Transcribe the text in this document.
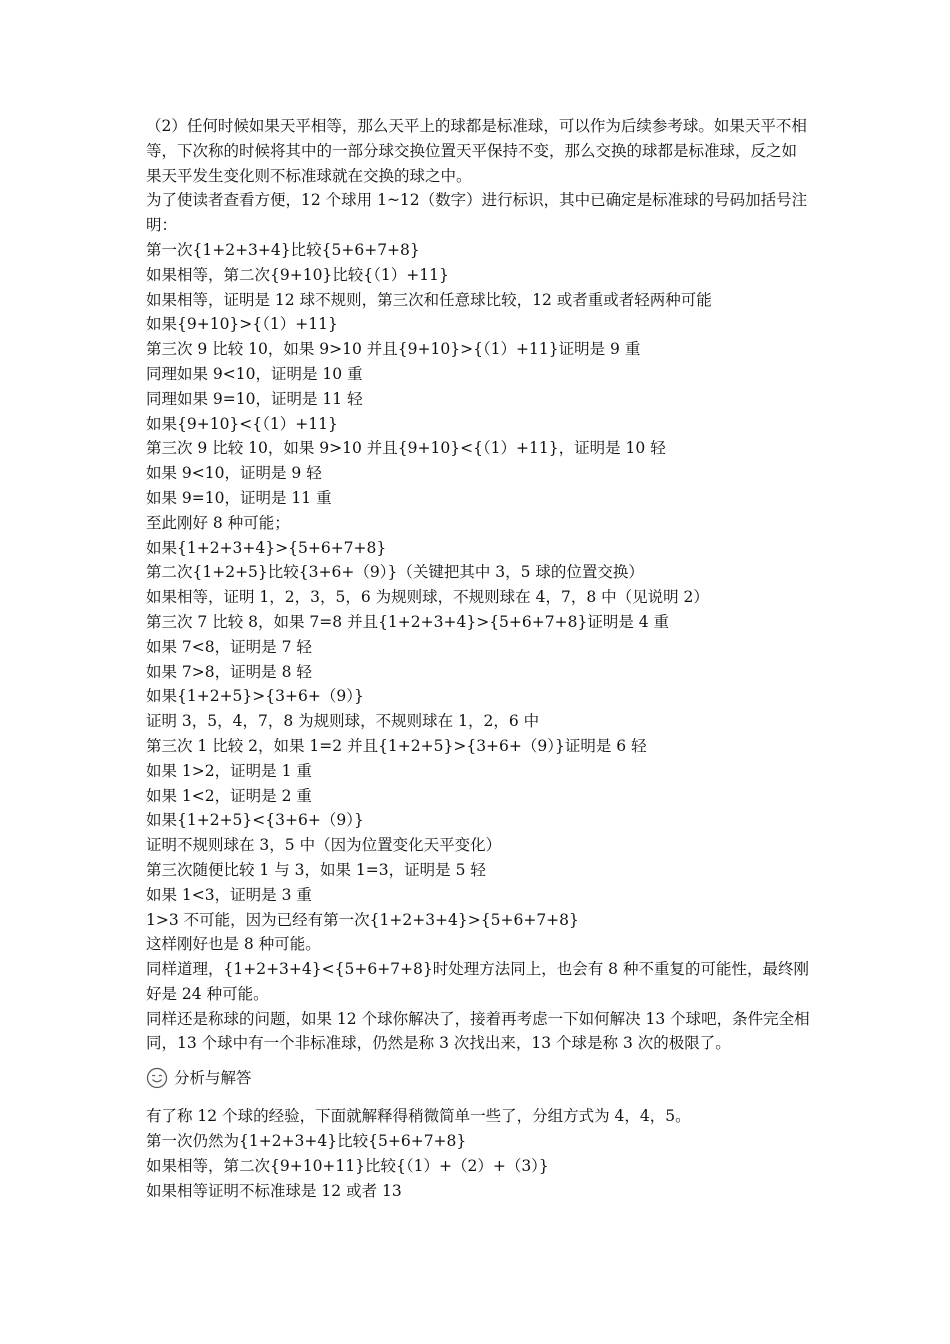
（2）任何时候如果天平相等，那么天平上的球都是标准球，可以作为后续参考球。如果天平不相等，下次称的时候将其中的一部分球交换位置天平保持不变，那么交换的球都是标准球，反之如果天平发生变化则不标准球就在交换的球之中。
为了使读者查看方便，12 个球用 1~12（数字）进行标识，其中已确定是标准球的号码加括号注明：
第一次{1+2+3+4}比较{5+6+7+8}
如果相等，第二次{9+10}比较{（1）+11}
如果相等，证明是 12 球不规则，第三次和任意球比较，12 或者重或者轻两种可能
如果{9+10}>{（1）+11}
第三次 9 比较 10，如果 9>10 并且{9+10}>{（1）+11}证明是 9 重
同理如果 9<10，证明是 10 重
同理如果 9=10，证明是 11 轻
如果{9+10}<{（1）+11}
第三次 9 比较 10，如果 9>10 并且{9+10}<{（1）+11}，证明是 10 轻
如果 9<10，证明是 9 轻
如果 9=10，证明是 11 重
至此刚好 8 种可能；
如果{1+2+3+4}>{5+6+7+8}
第二次{1+2+5}比较{3+6+（9）}（关键把其中 3，5 球的位置交换）
如果相等，证明 1，2，3，5，6 为规则球，不规则球在 4，7，8 中（见说明 2）
第三次 7 比较 8，如果 7=8 并且{1+2+3+4}>{5+6+7+8}证明是 4 重
如果 7<8，证明是 7 轻
如果 7>8，证明是 8 轻
如果{1+2+5}>{3+6+（9）}
证明 3，5，4，7，8 为规则球，不规则球在 1，2，6 中
第三次 1 比较 2，如果 1=2 并且{1+2+5}>{3+6+（9）}证明是 6 轻
如果 1>2，证明是 1 重
如果 1<2，证明是 2 重
如果{1+2+5}<{3+6+（9）}
证明不规则球在 3，5 中（因为位置变化天平变化）
第三次随便比较 1 与 3，如果 1=3，证明是 5 轻
如果 1<3，证明是 3 重
1>3 不可能，因为已经有第一次{1+2+3+4}>{5+6+7+8}
这样刚好也是 8 种可能。
同样道理，{1+2+3+4}<{5+6+7+8}时处理方法同上，也会有 8 种不重复的可能性，最终刚好是 24 种可能。
同样还是称球的问题，如果 12 个球你解决了，接着再考虑一下如何解决 13 个球吧，条件完全相同，13 个球中有一个非标准球，仍然是称 3 次找出来，13 个球是称 3 次的极限了。
分析与解答
有了称 12 个球的经验，下面就解释得稍微简单一些了，分组方式为 4，4，5。
第一次仍然为{1+2+3+4}比较{5+6+7+8}
如果相等，第二次{9+10+11}比较{（1）+（2）+（3）}
如果相等证明不标准球是 12 或者 13
